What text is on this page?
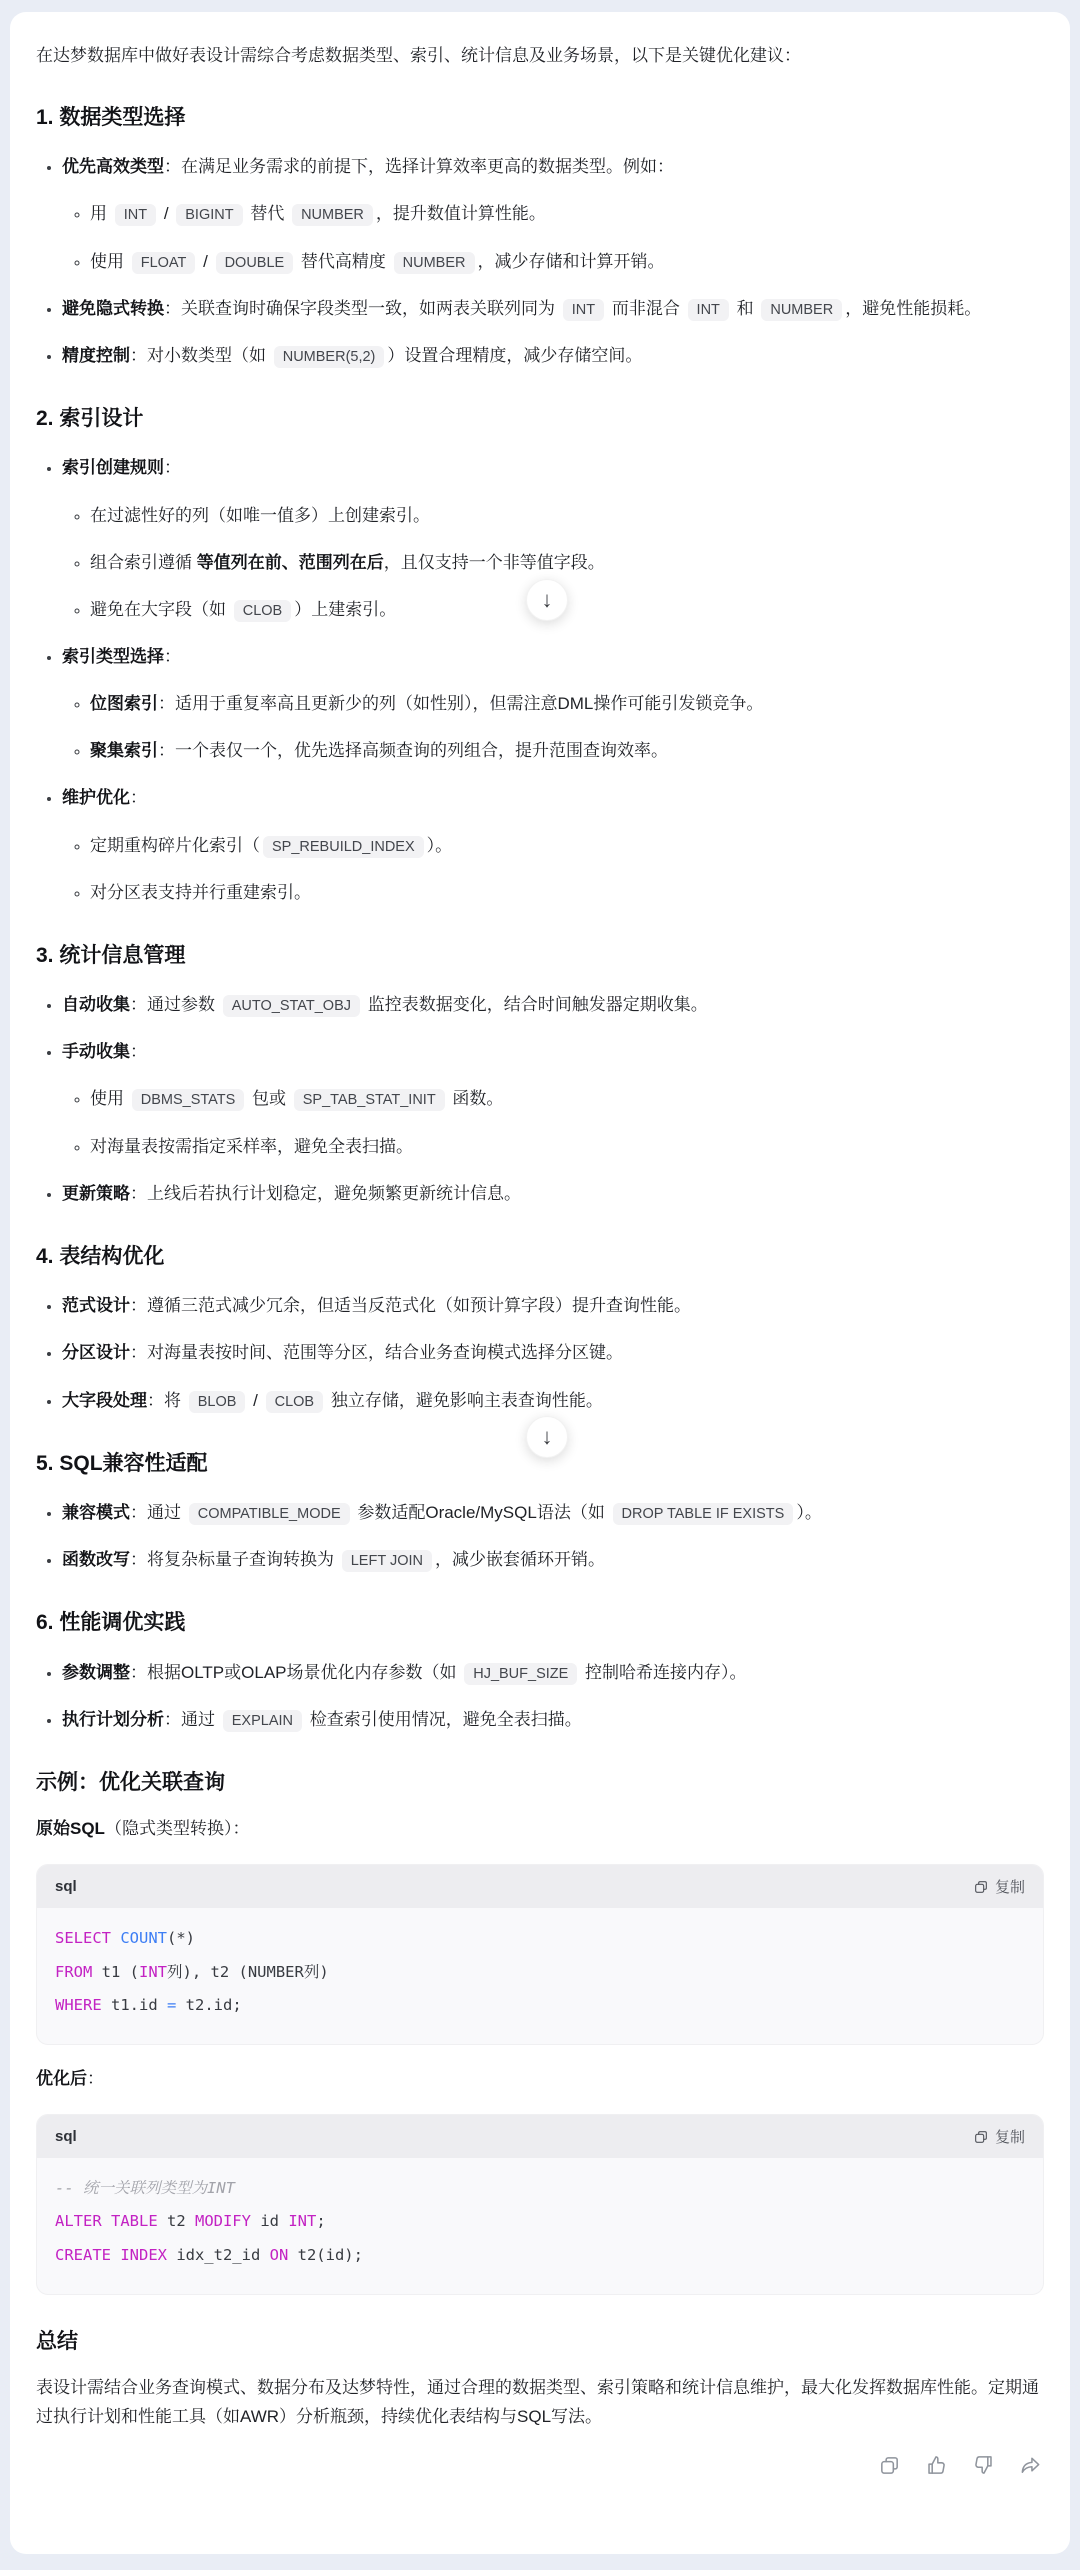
在达梦数据库中做好表设计需综合考虑数据类型、索引、统计信息及业务场景，以下是关键优化建议：

1. 数据类型选择
• 优先高效类型：在满足业务需求的前提下，选择计算效率更高的数据类型。例如：
◦ 用 INT / BIGINT 替代 NUMBER ，提升数值计算性能。
◦ 使用 FLOAT / DOUBLE 替代高精度 NUMBER ，减少存储和计算开销。
• 避免隐式转换：关联查询时确保字段类型一致，如两表关联列同为 INT 而非混合 INT 和 NUMBER ，避免性能损耗。
• 精度控制：对小数类型（如 NUMBER(5,2) ）设置合理精度，减少存储空间。
2. 索引设计
• 索引创建规则：
◦ 在过滤性好的列（如唯一值多）上创建索引。
◦ 组合索引遵循 等值列在前、范围列在后，且仅支持一个非等值字段。
◦ 避免在大字段（如 CLOB ）上建索引。
• 索引类型选择：
◦ 位图索引：适用于重复率高且更新少的列（如性别），但需注意DML操作可能引发锁竞争。
◦ 聚集索引：一个表仅一个，优先选择高频查询的列组合，提升范围查询效率。
• 维护优化：
◦ 定期重构碎片化索引（ SP_REBUILD_INDEX ）。
◦ 对分区表支持并行重建索引。
3. 统计信息管理
• 自动收集：通过参数 AUTO_STAT_OBJ 监控表数据变化，结合时间触发器定期收集。
• 手动收集：
◦ 使用 DBMS_STATS 包或 SP_TAB_STAT_INIT 函数。
◦ 对海量表按需指定采样率，避免全表扫描。
• 更新策略：上线后若执行计划稳定，避免频繁更新统计信息。
4. 表结构优化
• 范式设计：遵循三范式减少冗余，但适当反范式化（如预计算字段）提升查询性能。
• 分区设计：对海量表按时间、范围等分区，结合业务查询模式选择分区键。
• 大字段处理：将 BLOB / CLOB 独立存储，避免影响主表查询性能。
5. SQL兼容性适配
• 兼容模式：通过 COMPATIBLE_MODE 参数适配Oracle/MySQL语法（如 DROP TABLE IF EXISTS ）。
• 函数改写：将复杂标量子查询转换为 LEFT JOIN ，减少嵌套循环开销。
6. 性能调优实践
• 参数调整：根据OLTP或OLAP场景优化内存参数（如 HJ_BUF_SIZE 控制哈希连接内存）。
• 执行计划分析：通过 EXPLAIN 检查索引使用情况，避免全表扫描。
示例：优化关联查询

原始SQL（隐式类型转换）：

sql	复制
SELECT COUNT(*)
FROM t1 (INT列), t2 (NUMBER列)
WHERE t1.id = t2.id;

优化后：

sql	复制
-- 统一关联列类型为INT
ALTER TABLE t2 MODIFY id INT;
CREATE INDEX idx_t2_id ON t2(id);
总结

表设计需结合业务查询模式、数据分布及达梦特性，通过合理的数据类型、索引策略和统计信息维护，最大化发挥数据库性能。定期通过执行计划和性能工具（如AWR）分析瓶颈，持续优化表结构与SQL写法。

↓
↓
